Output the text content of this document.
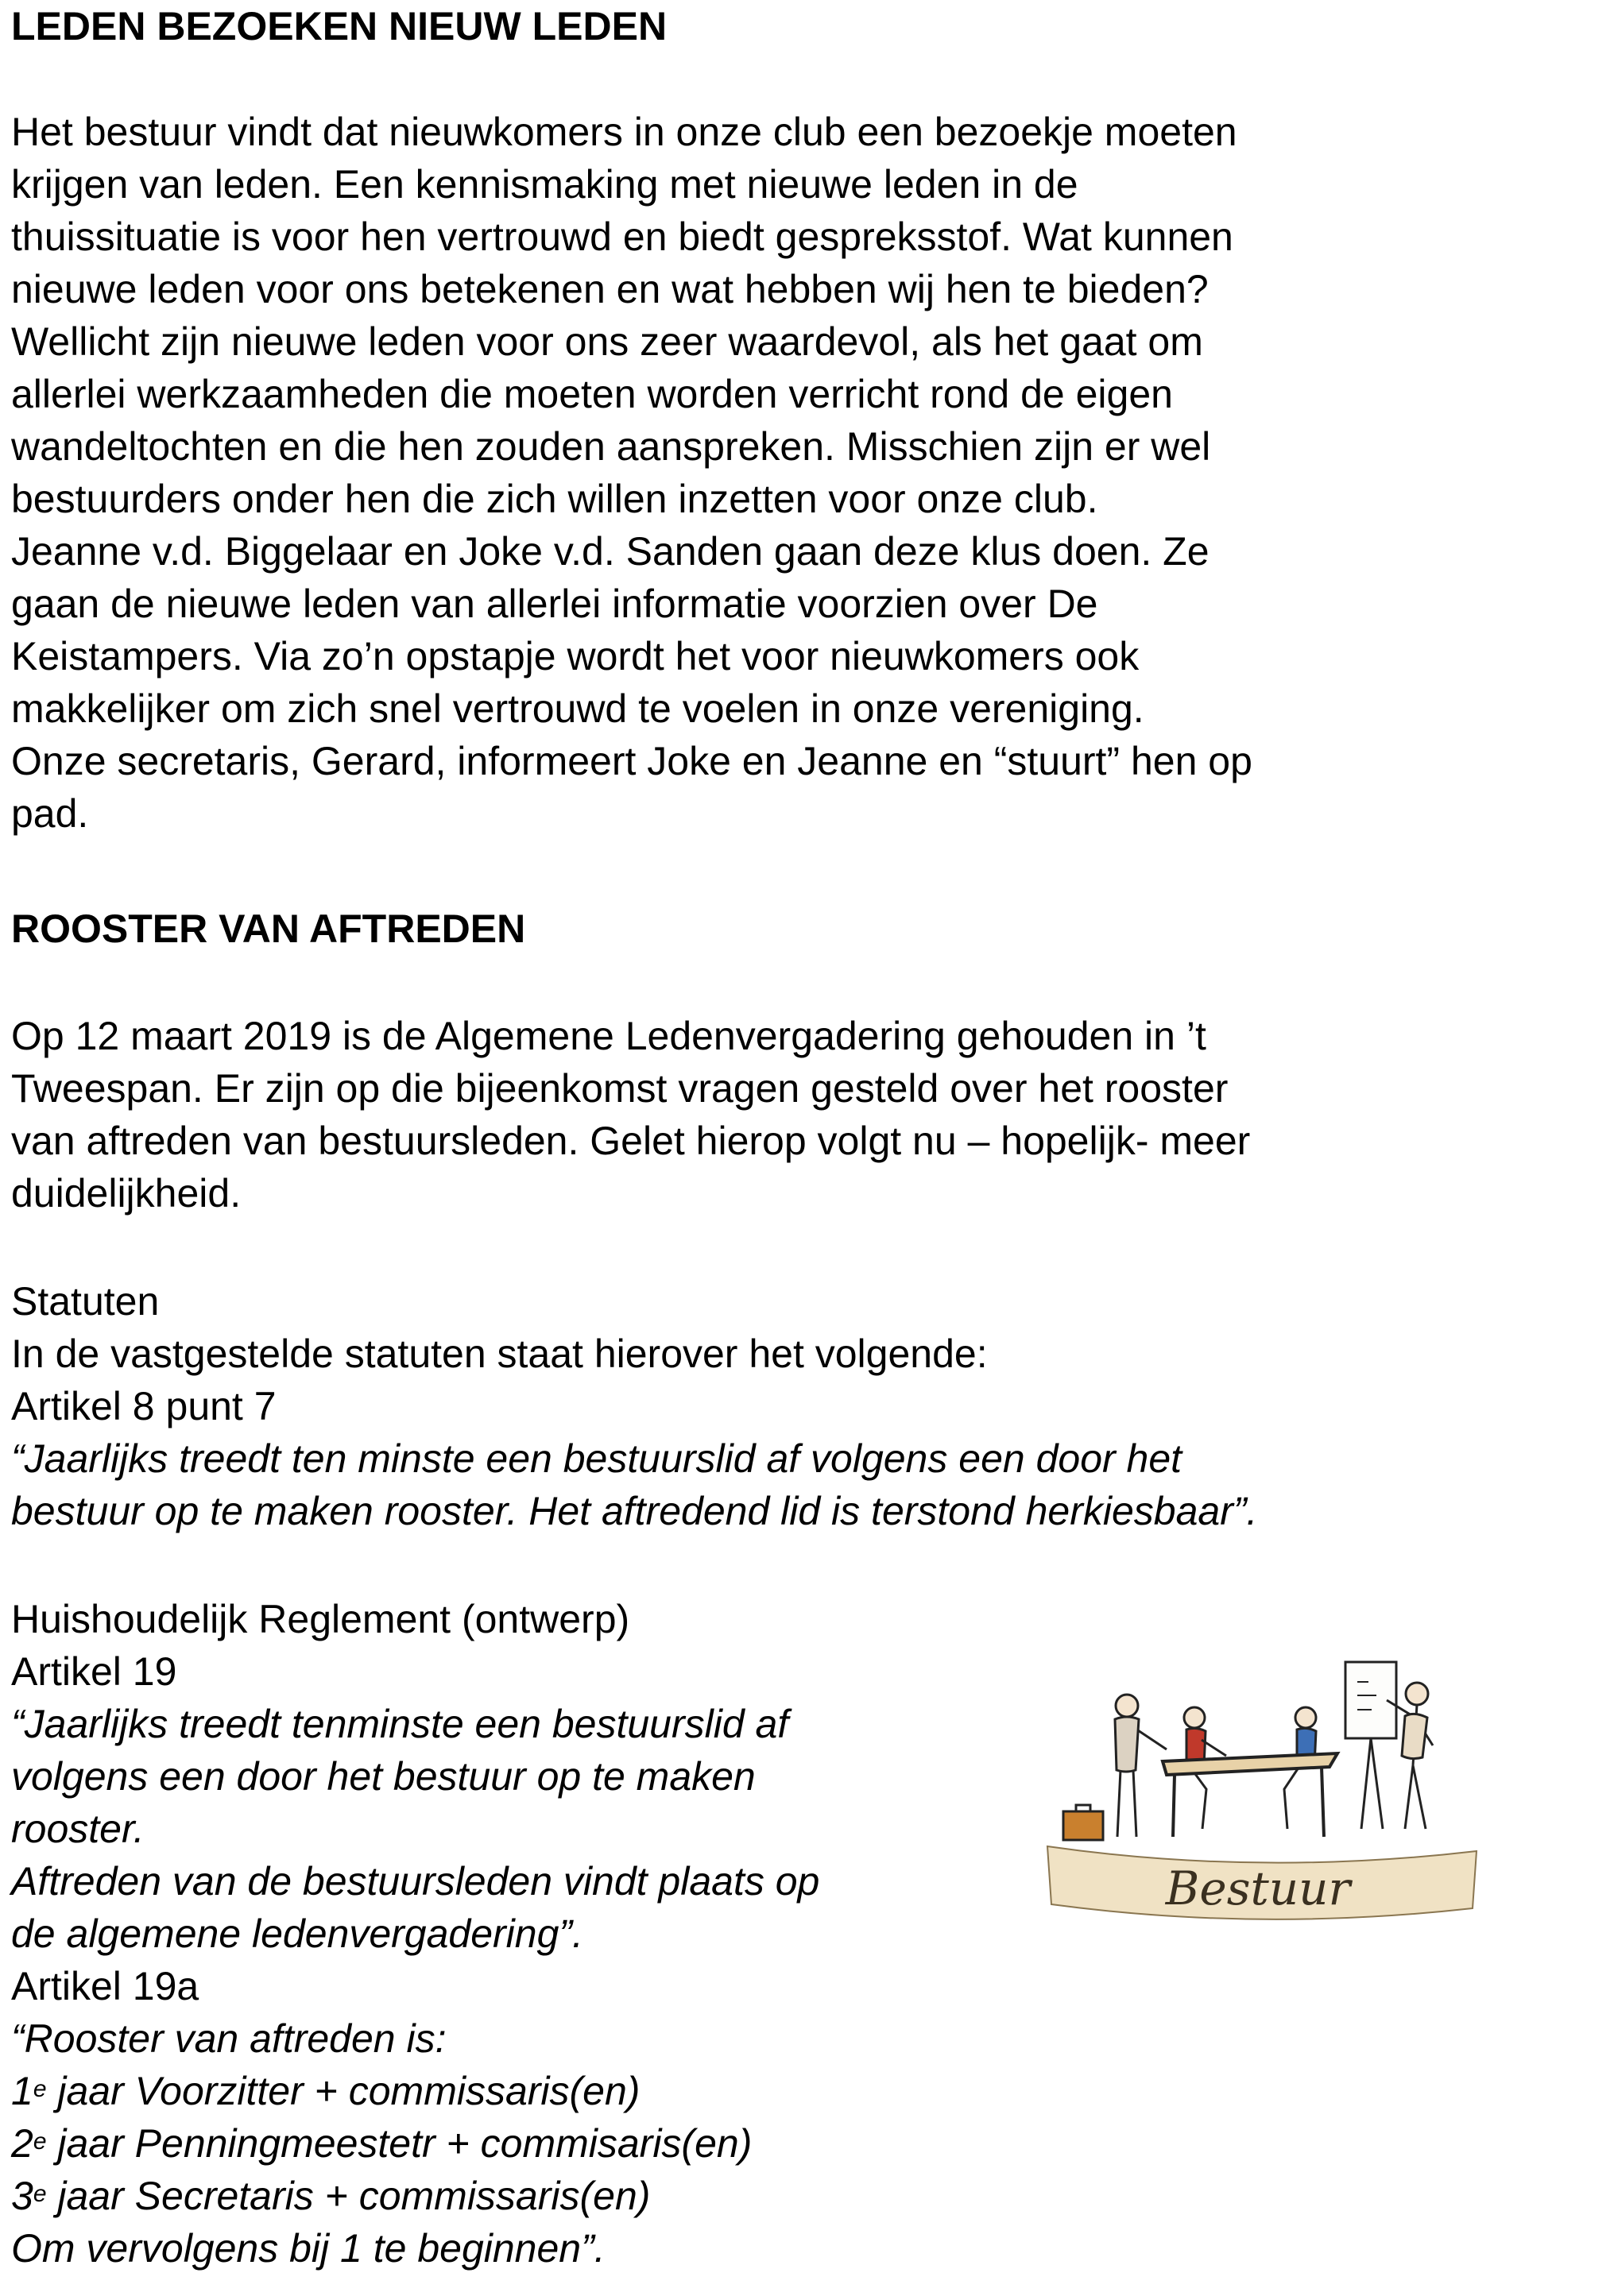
LEDEN BEZOEKEN NIEUW LEDEN
Het bestuur vindt dat nieuwkomers in onze club een bezoekje moeten
krijgen van leden. Een kennismaking met nieuwe leden in de
thuissituatie is voor hen vertrouwd en biedt gespreksstof. Wat kunnen
nieuwe leden voor ons betekenen en wat hebben wij hen te bieden?
Wellicht zijn nieuwe leden voor ons zeer waardevol, als het gaat om
allerlei werkzaamheden die moeten worden verricht rond de eigen
wandeltochten en die hen zouden aanspreken. Misschien zijn er wel
bestuurders onder hen die zich willen inzetten voor onze club.
Jeanne v.d. Biggelaar en Joke v.d. Sanden gaan deze klus doen. Ze
gaan de nieuwe leden van allerlei informatie voorzien over De
Keistampers. Via zo’n opstapje wordt het voor nieuwkomers ook
makkelijker om zich snel vertrouwd te voelen in onze vereniging.
Onze secretaris, Gerard, informeert Joke en Jeanne en “stuurt” hen op
pad.
ROOSTER VAN AFTREDEN
Op 12 maart 2019 is de Algemene Ledenvergadering gehouden in ’t
Tweespan. Er zijn op die bijeenkomst vragen gesteld over het rooster
van aftreden van bestuursleden. Gelet hierop volgt nu – hopelijk- meer
duidelijkheid.
Statuten
In de vastgestelde statuten staat hierover het volgende:
Artikel 8 punt 7
“Jaarlijks treedt ten minste een bestuurslid af volgens een door het
bestuur op te maken rooster. Het aftredend lid is terstond herkiesbaar”.
Huishoudelijk Reglement (ontwerp)
Artikel 19
“Jaarlijks treedt tenminste een bestuurslid af
volgens een door het bestuur op te maken
rooster.
Aftreden van de bestuursleden vindt plaats op
de algemene ledenvergadering”.
Artikel 19a
“Rooster van aftreden is:
1e jaar Voorzitter + commissaris(en)
2e jaar Penningmeestetr + commisaris(en)
3e jaar Secretaris + commissaris(en)
Om vervolgens bij 1 te beginnen”.
Bestuur
